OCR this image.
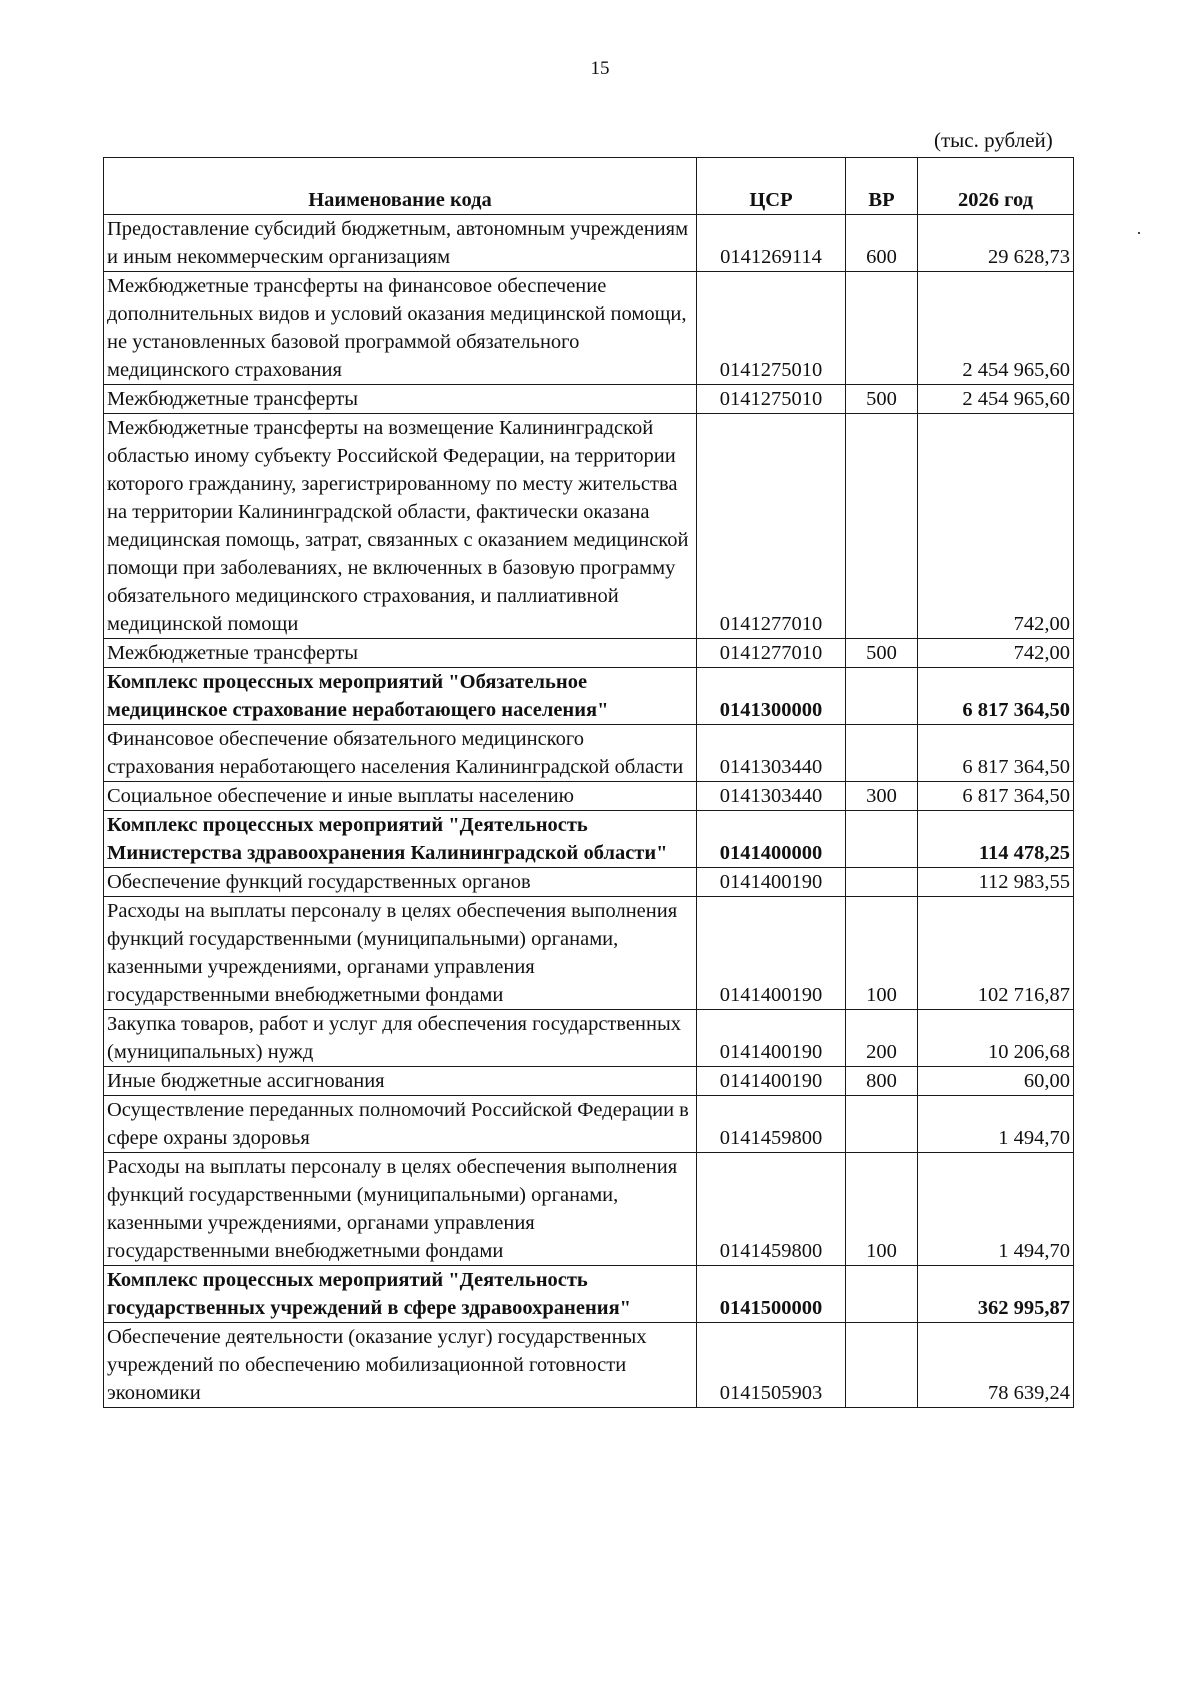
15
(тыс. рублей)
Наименование кода	ЦСР	ВР	2026 год
Предоставление субсидий бюджетным, автономным учреждениям и иным некоммерческим организациям	0141269114	600	29 628,73
Межбюджетные трансферты на финансовое обеспечение дополнительных видов и условий оказания медицинской помощи, не установленных базовой программой обязательного медицинского страхования	0141275010		2 454 965,60
Межбюджетные трансферты	0141275010	500	2 454 965,60
Межбюджетные трансферты на возмещение Калининградской областью иному субъекту Российской Федерации, на территории которого гражданину, зарегистрированному по месту жительства на территории Калининградской области, фактически оказана медицинская помощь, затрат, связанных с оказанием медицинской помощи при заболеваниях, не включенных в базовую программу обязательного медицинского страхования, и паллиативной медицинской помощи	0141277010		742,00
Межбюджетные трансферты	0141277010	500	742,00
Комплекс процессных мероприятий "Обязательное медицинское страхование неработающего населения"	0141300000		6 817 364,50
Финансовое обеспечение обязательного медицинского страхования неработающего населения Калининградской области	0141303440		6 817 364,50
Социальное обеспечение и иные выплаты населению	0141303440	300	6 817 364,50
Комплекс процессных мероприятий "Деятельность Министерства здравоохранения Калининградской области"	0141400000		114 478,25
Обеспечение функций государственных органов	0141400190		112 983,55
Расходы на выплаты персоналу в целях обеспечения выполнения функций государственными (муниципальными) органами, казенными учреждениями, органами управления государственными внебюджетными фондами	0141400190	100	102 716,87
Закупка товаров, работ и услуг для обеспечения государственных (муниципальных) нужд	0141400190	200	10 206,68
Иные бюджетные ассигнования	0141400190	800	60,00
Осуществление переданных полномочий Российской Федерации в сфере охраны здоровья	0141459800		1 494,70
Расходы на выплаты персоналу в целях обеспечения выполнения функций государственными (муниципальными) органами, казенными учреждениями, органами управления государственными внебюджетными фондами	0141459800	100	1 494,70
Комплекс процессных мероприятий "Деятельность государственных учреждений в сфере здравоохранения"	0141500000		362 995,87
Обеспечение деятельности (оказание услуг) государственных учреждений по обеспечению мобилизационной готовности экономики	0141505903		78 639,24
